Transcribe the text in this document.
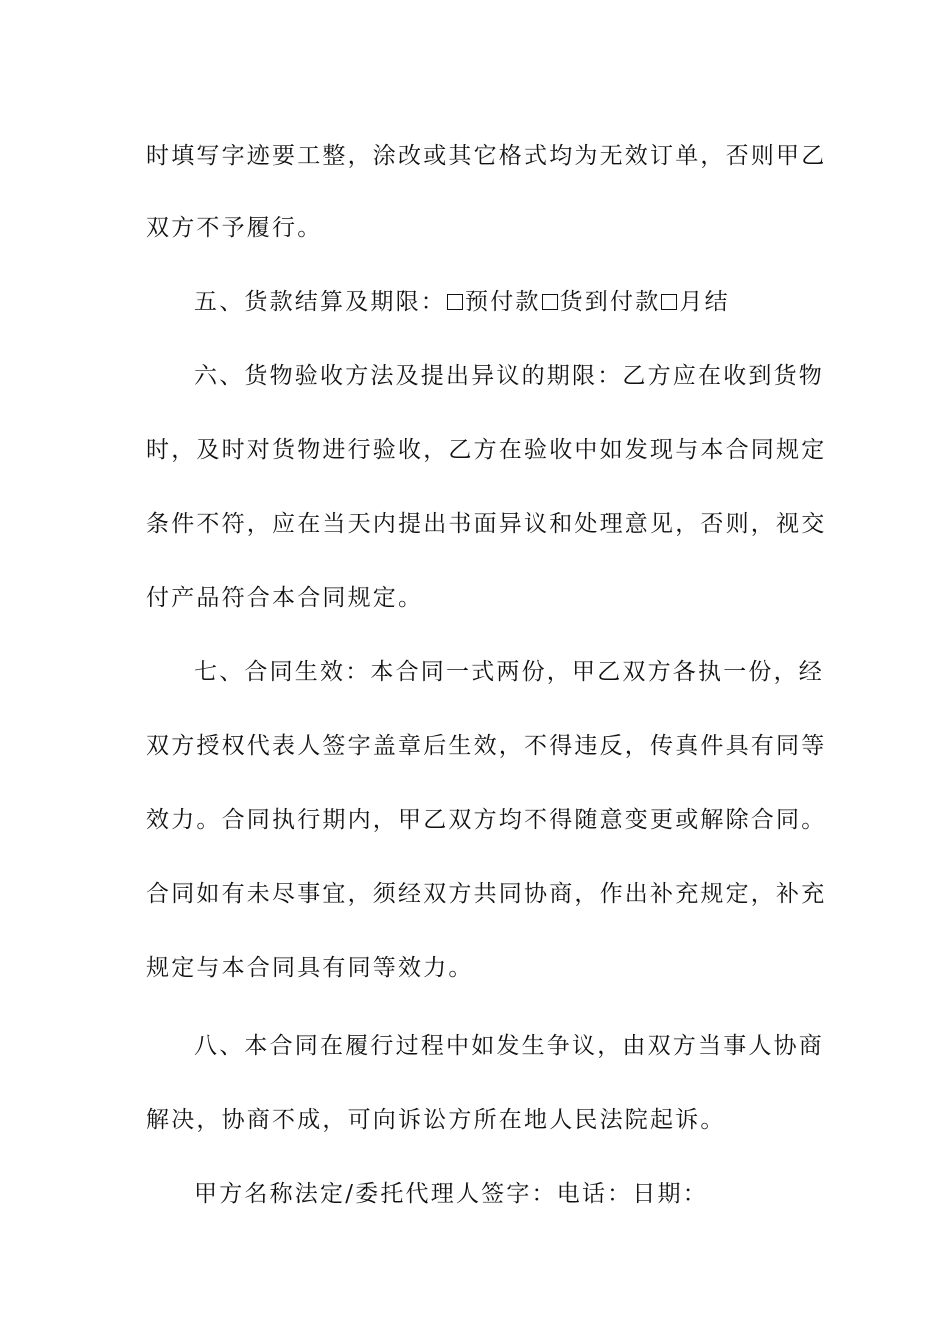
时填写字迹要工整，涂改或其它格式均为无效订单，否则甲乙
双方不予履行。
五、货款结算及期限： 预付款 货到付款 月结
六、货物验收方法及提出异议的期限：乙方应在收到货物
时，及时对货物进行验收，乙方在验收中如发现与本合同规定
条件不符，应在当天内提出书面异议和处理意见，否则，视交
付产品符合本合同规定。
七、合同生效：本合同一式两份，甲乙双方各执一份，经
双方授权代表人签字盖章后生效，不得违反，传真件具有同等
效力。合同执行期内，甲乙双方均不得随意变更或解除合同。
合同如有未尽事宜，须经双方共同协商，作出补充规定，补充
规定与本合同具有同等效力。
八、本合同在履行过程中如发生争议，由双方当事人协商
解决，协商不成，可向诉讼方所在地人民法院起诉。
甲方名称法定/委托代理人签字：电话：日期：
